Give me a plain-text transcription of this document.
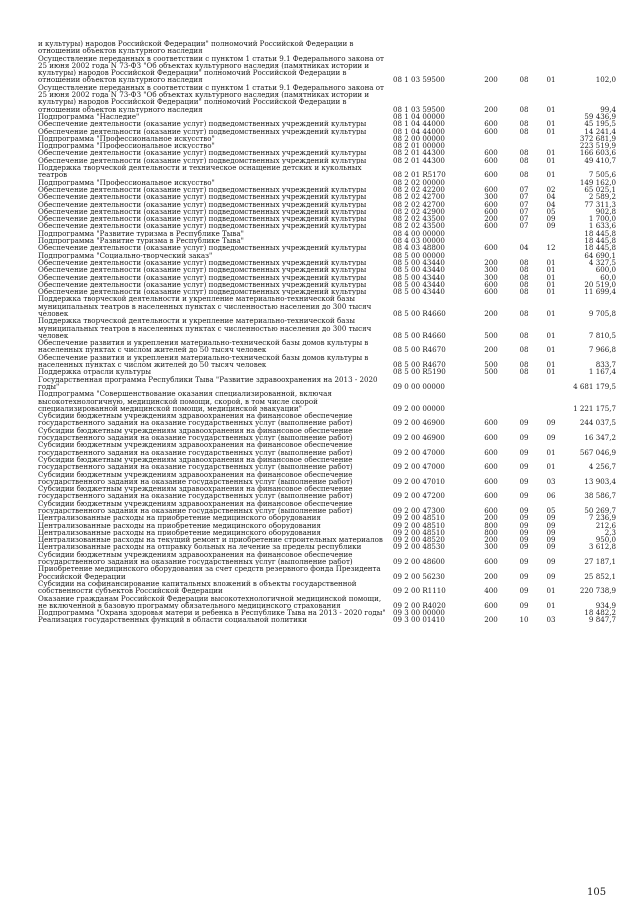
и культуры) народов Российской Федерации" полномочий Российской Федерации в отношении объектов культурного наследия					
Осуществление переданных в соответствии с пунктом 1 статьи 9.1 Федерального закона от 25 июня 2002 года N 73-ФЗ "Об объектах культурного наследия (памятниках истории и культуры) народов Российской Федерации" полномочий Российской Федерации в отношении объектов культурного наследия	08 1 03 59500	200	08	01	102,0
Осуществление переданных в соответствии с пунктом 1 статьи 9.1 Федерального закона от 25 июня 2002 года N 73-ФЗ "Об объектах культурного наследия (памятниках истории и культуры) народов Российской Федерации" полномочий Российской Федерации в отношении объектов культурного наследия	08 1 03 59500	200	08	01	99,4
Подпрограмма "Наследие"	08 1 04 00000				59 436,9
Обеспечение деятельности (оказание услуг) подведомственных учреждений культуры	08 1 04 44000	600	08	01	45 195,5
Обеспечение деятельности (оказание услуг) подведомственных учреждений культуры	08 1 04 44000	600	08	01	14 241,4
Подпрограмма "Профессиональное искусство"	08 2 00 00000				372 681,9
Подпрограмма "Профессиональное искусство"	08 2 01 00000				223 519,9
Обеспечение деятельности (оказание услуг) подведомственных учреждений культуры	08 2 01 44300	600	08	01	166 603,6
Обеспечение деятельности (оказание услуг) подведомственных учреждений культуры	08 2 01 44300	600	08	01	49 410,7
Поддержка творческой деятельности и техническое оснащение детских и кукольных театров	08 2 01 R5170	600	08	01	7 505,6
Подпрограмма "Профессиональное искусство"	08 2 02 00000				149 162,0
Обеспечение деятельности (оказание услуг) подведомственных учреждений культуры	08 2 02 42200	600	07	02	65 025,1
Обеспечение деятельности (оказание услуг) подведомственных учреждений культуры	08 2 02 42700	300	07	04	2 589,2
Обеспечение деятельности (оказание услуг) подведомственных учреждений культуры	08 2 02 42700	600	07	04	77 311,3
Обеспечение деятельности (оказание услуг) подведомственных учреждений культуры	08 2 02 42900	600	07	05	902,8
Обеспечение деятельности (оказание услуг) подведомственных учреждений культуры	08 2 02 43500	200	07	09	1 700,0
Обеспечение деятельности (оказание услуг) подведомственных учреждений культуры	08 2 02 43500	600	07	09	1 633,6
Подпрограмма "Развитие туризма в Республике Тыва"	08 4 00 00000				18 445,8
Подпрограмма "Развитие туризма в Республике Тыва"	08 4 03 00000				18 445,8
Обеспечение деятельности (оказание услуг) подведомственных учреждений культуры	08 4 03 48800	600	04	12	18 445,8
Подпрограмма "Социально-творческий заказ"	08 5 00 00000				64 690,1
Обеспечение деятельности (оказание услуг) подведомственных учреждений культуры	08 5 00 43440	200	08	01	4 327,5
Обеспечение деятельности (оказание услуг) подведомственных учреждений культуры	08 5 00 43440	300	08	01	600,0
Обеспечение деятельности (оказание услуг) подведомственных учреждений культуры	08 5 00 43440	300	08	01	60,0
Обеспечение деятельности (оказание услуг) подведомственных учреждений культуры	08 5 00 43440	600	08	01	20 519,0
Обеспечение деятельности (оказание услуг) подведомственных учреждений культуры	08 5 00 43440	600	08	01	11 699,4
Поддержка творческой деятельности и укрепление материально-технической базы муниципальных театров в населенных пунктах с численностью населения до 300 тысяч человек	08 5 00 R4660	200	08	01	9 705,8
Поддержка творческой деятельности и укрепление материально-технической базы муниципальных театров в населенных пунктах с численностью населения до 300 тысяч человек	08 5 00 R4660	500	08	01	7 810,5
Обеспечение развития и укрепления материально-технической базы домов культуры в населенных пунктах с числом жителей до 50 тысяч человек	08 5 00 R4670	200	08	01	7 966,8
Обеспечение развития и укрепления материально-технической базы домов культуры в населенных пунктах с числом жителей до 50 тысяч человек	08 5 00 R4670	500	08	01	833,7
Поддержка отрасли культуры	08 5 00 R5190	500	08	01	1 167,4
Государственная программа Республики Тыва "Развитие здравоохранения на 2013 - 2020 годы"	09 0 00 00000				4 681 179,5
Подпрограмма "Совершенствование оказания специализированной, включая высокотехнологичную, медицинской помощи, скорой, в том числе скорой специализированной медицинской помощи, медицинской эвакуации"	09 2 00 00000				1 221 175,7
Субсидии бюджетным учреждениям здравоохранения на финансовое обеспечение государственного задания на оказание государственных услуг (выполнение работ)	09 2 00 46900	600	09	09	244 037,5
Субсидии бюджетным учреждениям здравоохранения на финансовое обеспечение государственного задания на оказание государственных услуг (выполнение работ)	09 2 00 46900	600	09	09	16 347,2
Субсидии бюджетным учреждениям здравоохранения на финансовое обеспечение государственного задания на оказание государственных услуг (выполнение работ)	09 2 00 47000	600	09	01	567 046,9
Субсидии бюджетным учреждениям здравоохранения на финансовое обеспечение государственного задания на оказание государственных услуг (выполнение работ)	09 2 00 47000	600	09	01	4 256,7
Субсидии бюджетным учреждениям здравоохранения на финансовое обеспечение государственного задания на оказание государственных услуг (выполнение работ)	09 2 00 47010	600	09	03	13 903,4
Субсидии бюджетным учреждениям здравоохранения на финансовое обеспечение государственного задания на оказание государственных услуг (выполнение работ)	09 2 00 47200	600	09	06	38 586,7
Субсидии бюджетным учреждениям здравоохранения на финансовое обеспечение государственного задания на оказание государственных услуг (выполнение работ)	09 2 00 47300	600	09	05	50 269,7
Централизованные расходы на приобретение медицинского оборудования	09 2 00 48510	200	09	09	7 236,9
Централизованные расходы на приобретение медицинского оборудования	09 2 00 48510	800	09	09	212,6
Централизованные расходы на приобретение медицинского оборудования	09 2 00 48510	800	09	09	2,3
Централизованные расходы на текущий ремонт и приобретение строительных материалов	09 2 00 48520	200	09	09	950,0
Централизованные расходы на отправку больных на лечение за пределы республики	09 2 00 48530	300	09	09	3 612,8
Субсидии бюджетным учреждениям здравоохранения на финансовое обеспечение государственного задания на оказание государственных услуг (выполнение работ)	09 2 00 48600	600	09	09	27 187,1
Приобретение медицинского оборудования за счет средств резервного фонда Президента Российской Федерации	09 2 00 56230	200	09	09	25 852,1
Субсидии на софинансирование капитальных вложений в объекты государственной собственности субъектов Российской Федерации	09 2 00 R1110	400	09	01	220 738,9
Оказание гражданам Российской Федерации высокотехнологичной медицинской помощи, не включенной в базовую программу обязательного медицинского страхования	09 2 00 R4020	600	09	01	934,9
Подпрограмма "Охрана здоровья матери и ребенка в Республике Тыва на 2013 - 2020 годы"	09 3 00 00000				18 482,2
Реализация государственных функций в области социальной политики	09 3 00 01410	200	10	03	9 847,7
105
